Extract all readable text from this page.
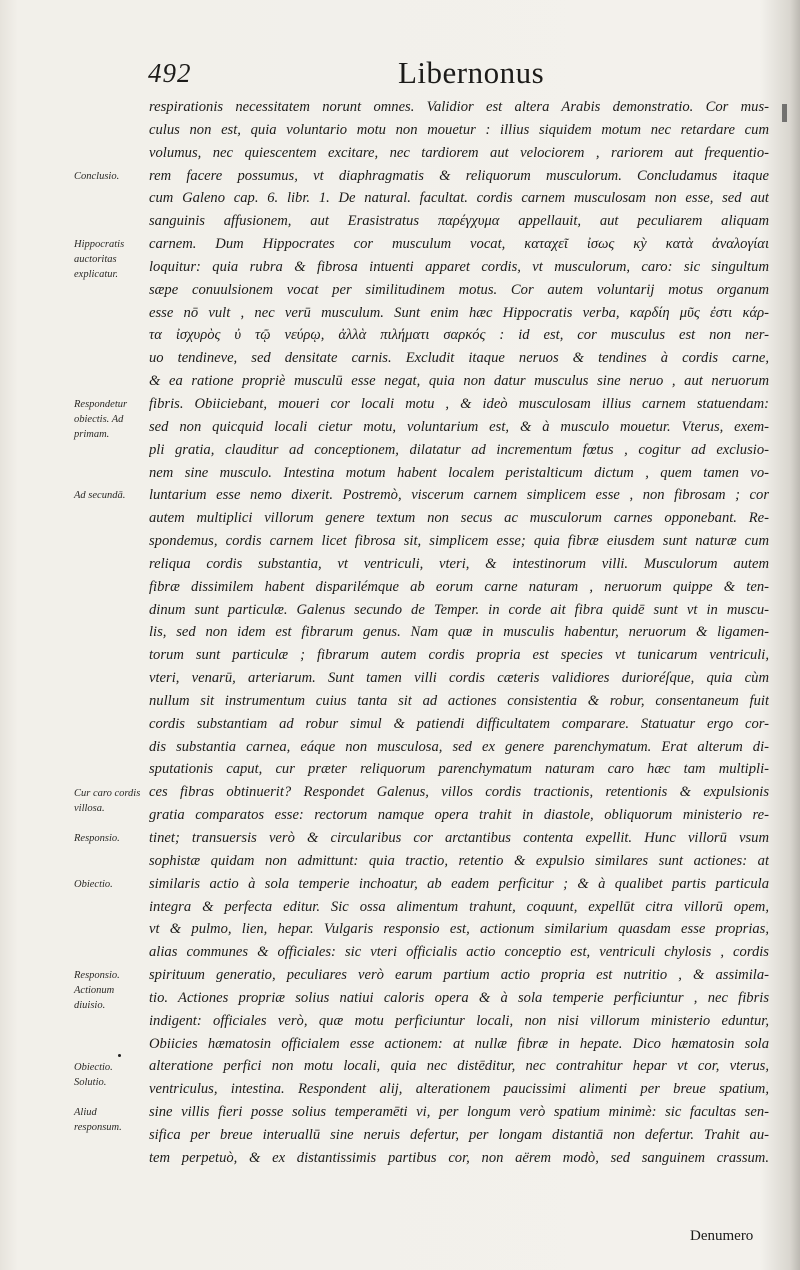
492	Libernonus
respirationis necessitatem norunt omnes. Validior est altera Arabis demonstratio. Cor mus-
culus non est, quia voluntario motu non mouetur : illius siquidem motum nec retardare cum
volumus, nec quiescentem excitare, nec tardiorem aut velociorem , rariorem aut frequentio-
rem facere possumus, vt diaphragmatis & reliquorum musculorum. Concludamus itaque
cum Galeno cap. 6. libr. 1. De natural. facultat. cordis carnem musculosam non esse, sed aut
sanguinis affusionem, aut Erasistratus παρέγχυμα appellauit, aut peculiarem aliquam
carnem. Dum Hippocrates cor musculum vocat, καταχεῖ ἰσως κỳ κατὰ ἀναλογίαι
loquitur: quia rubra & fibrosa intuenti apparet cordis, vt musculorum, caro: sic singultum
sæpe conuulsionem vocat per similitudinem motus. Cor autem voluntarij motus organum
esse nō vult , nec verū musculum. Sunt enim hæc Hippocratis verba, καρδίη μῦς ἐστι κάρ-
τα ἰσχυρὸς ὐ τῷ νεύρῳ, ἀλλὰ πιλήματι σαρκός : id est, cor musculus est non ner-
uo tendineve, sed densitate carnis. Excludit itaque neruos & tendines à cordis carne,
& ea ratione propriè musculū esse negat, quia non datur musculus sine neruo , aut neruorum
fibris. Obiiciebant, moueri cor locali motu , & ideò musculosam illius carnem statuendam:
sed non quicquid locali cietur motu, voluntarium est, & à musculo mouetur. Vterus, exem-
pli gratia, clauditur ad conceptionem, dilatatur ad incrementum fœtus , cogitur ad exclusio-
nem sine musculo. Intestina motum habent localem peristalticum dictum , quem tamen vo-
luntarium esse nemo dixerit. Postremò, viscerum carnem simplicem esse , non fibrosam ; cor
autem multiplici villorum genere textum non secus ac musculorum carnes opponebant. Re-
spondemus, cordis carnem licet fibrosa sit, simplicem esse; quia fibræ eiusdem sunt naturæ cum
reliqua cordis substantia, vt ventriculi, vteri, & intestinorum villi. Musculorum autem
fibræ dissimilem habent disparilémque ab eorum carne naturam , neruorum quippe & ten-
dinum sunt particulæ. Galenus secundo de Temper. in corde ait fibra quidē sunt vt in muscu-
lis, sed non idem est fibrarum genus. Nam quæ in musculis habentur, neruorum & ligamen-
torum sunt particulæ ; fibrarum autem cordis propria est species vt tunicarum ventriculi,
vteri, venarū, arteriarum. Sunt tamen villi cordis cæteris validiores durioréſque, quia cùm
nullum sit instrumentum cuius tanta sit ad actiones consistentia & robur, consentaneum fuit
cordis substantiam ad robur simul & patiendi difficultatem comparare. Statuatur ergo cor-
dis substantia carnea, eáque non musculosa, sed ex genere parenchymatum. Erat alterum di-
sputationis caput, cur præter reliquorum parenchymatum naturam caro hæc tam multipli-
ces fibras obtinuerit? Respondet Galenus, villos cordis tractionis, retentionis & expulsionis
gratia comparatos esse: rectorum namque opera trahit in diastole, obliquorum ministerio re-
tinet; transuersis verò & circularibus cor arctantibus contenta expellit. Hunc villorū vsum
sophistæ quidam non admittunt: quia tractio, retentio & expulsio similares sunt actiones: at
similaris actio à sola temperie inchoatur, ab eadem perficitur ; & à qualibet partis particula
integra & perfecta editur. Sic ossa alimentum trahunt, coquunt, expellūt citra villorū opem,
vt & pulmo, lien, hepar. Vulgaris responsio est, actionum similarium quasdam esse proprias,
alias communes & officiales: sic vteri officialis actio conceptio est, ventriculi chylosis , cordis
spirituum generatio, peculiares verò earum partium actio propria est nutritio , & assimila-
tio. Actiones propriæ solius natiui caloris opera & à sola temperie perficiuntur , nec fibris
indigent: officiales verò, quæ motu perficiuntur locali, non nisi villorum ministerio eduntur,
Obiicies hæmatosin officialem esse actionem: at nullæ fibræ in hepate. Dico hæmatosin sola
alteratione perfici non motu locali, quia nec distēditur, nec contrahitur hepar vt cor, vterus,
ventriculus, intestina. Respondent alij, alterationem paucissimi alimenti per breue spatium,
sine villis fieri posse solius temperamēti vi, per longum verò spatium minimè: sic facultas sen-
sifica per breue interuallū sine neruis defertur, per longam distantiā non defertur. Trahit au-
tem perpetuò, & ex distantissimis partibus cor, non aërem modò, sed sanguinem crassum.
Conclusio.
Hippocratis auctoritas explicatur.
Respondetur obiectis. Ad primam.
Ad secundā.
Cur caro cordis villosa.
Responsio.
Obiectio.
Responsio. Actionum diuisio.
Obiectio. Solutio.
Aliud responsum.
Denumero
